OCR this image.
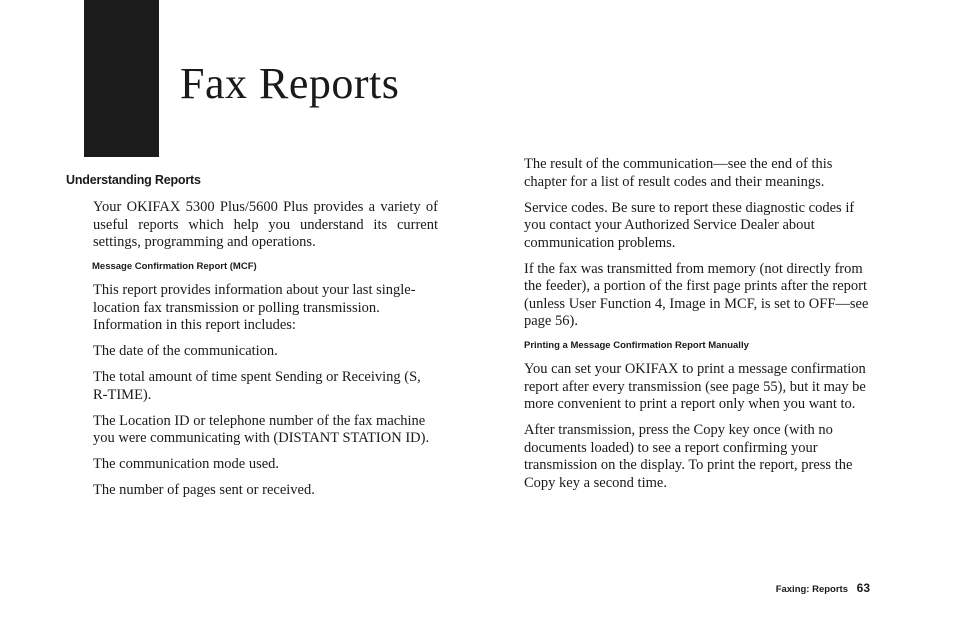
Fax Reports
Understanding Reports

Your OKIFAX 5300 Plus/5600 Plus provides a variety of useful reports which help you understand its current settings, programming and operations.

Message Confirmation Report (MCF)

This report provides information about your last single-location fax transmission or polling transmission. Information in this report includes:

The date of the communication.

The total amount of time spent Sending or Receiving (S, R-TIME).

The Location ID or telephone number of the fax machine you were communicating with (DISTANT STATION ID).

The communication mode used.

The number of pages sent or received.

The result of the communication—see the end of this chapter for a list of result codes and their meanings.

Service codes. Be sure to report these diagnostic codes if you contact your Authorized Service Dealer about communication problems.

If the fax was transmitted from memory (not directly from the feeder), a portion of the first page prints after the report (unless User Function 4, Image in MCF, is set to OFF—see page 56).

Printing a Message Confirmation Report Manually

You can set your OKIFAX to print a message confirmation report after every transmission (see page 55), but it may be more convenient to print a report only when you want to.

After transmission, press the Copy key once (with no documents loaded) to see a report confirming your transmission on the display. To print the report, press the Copy key a second time.

Faxing: Reports 63
